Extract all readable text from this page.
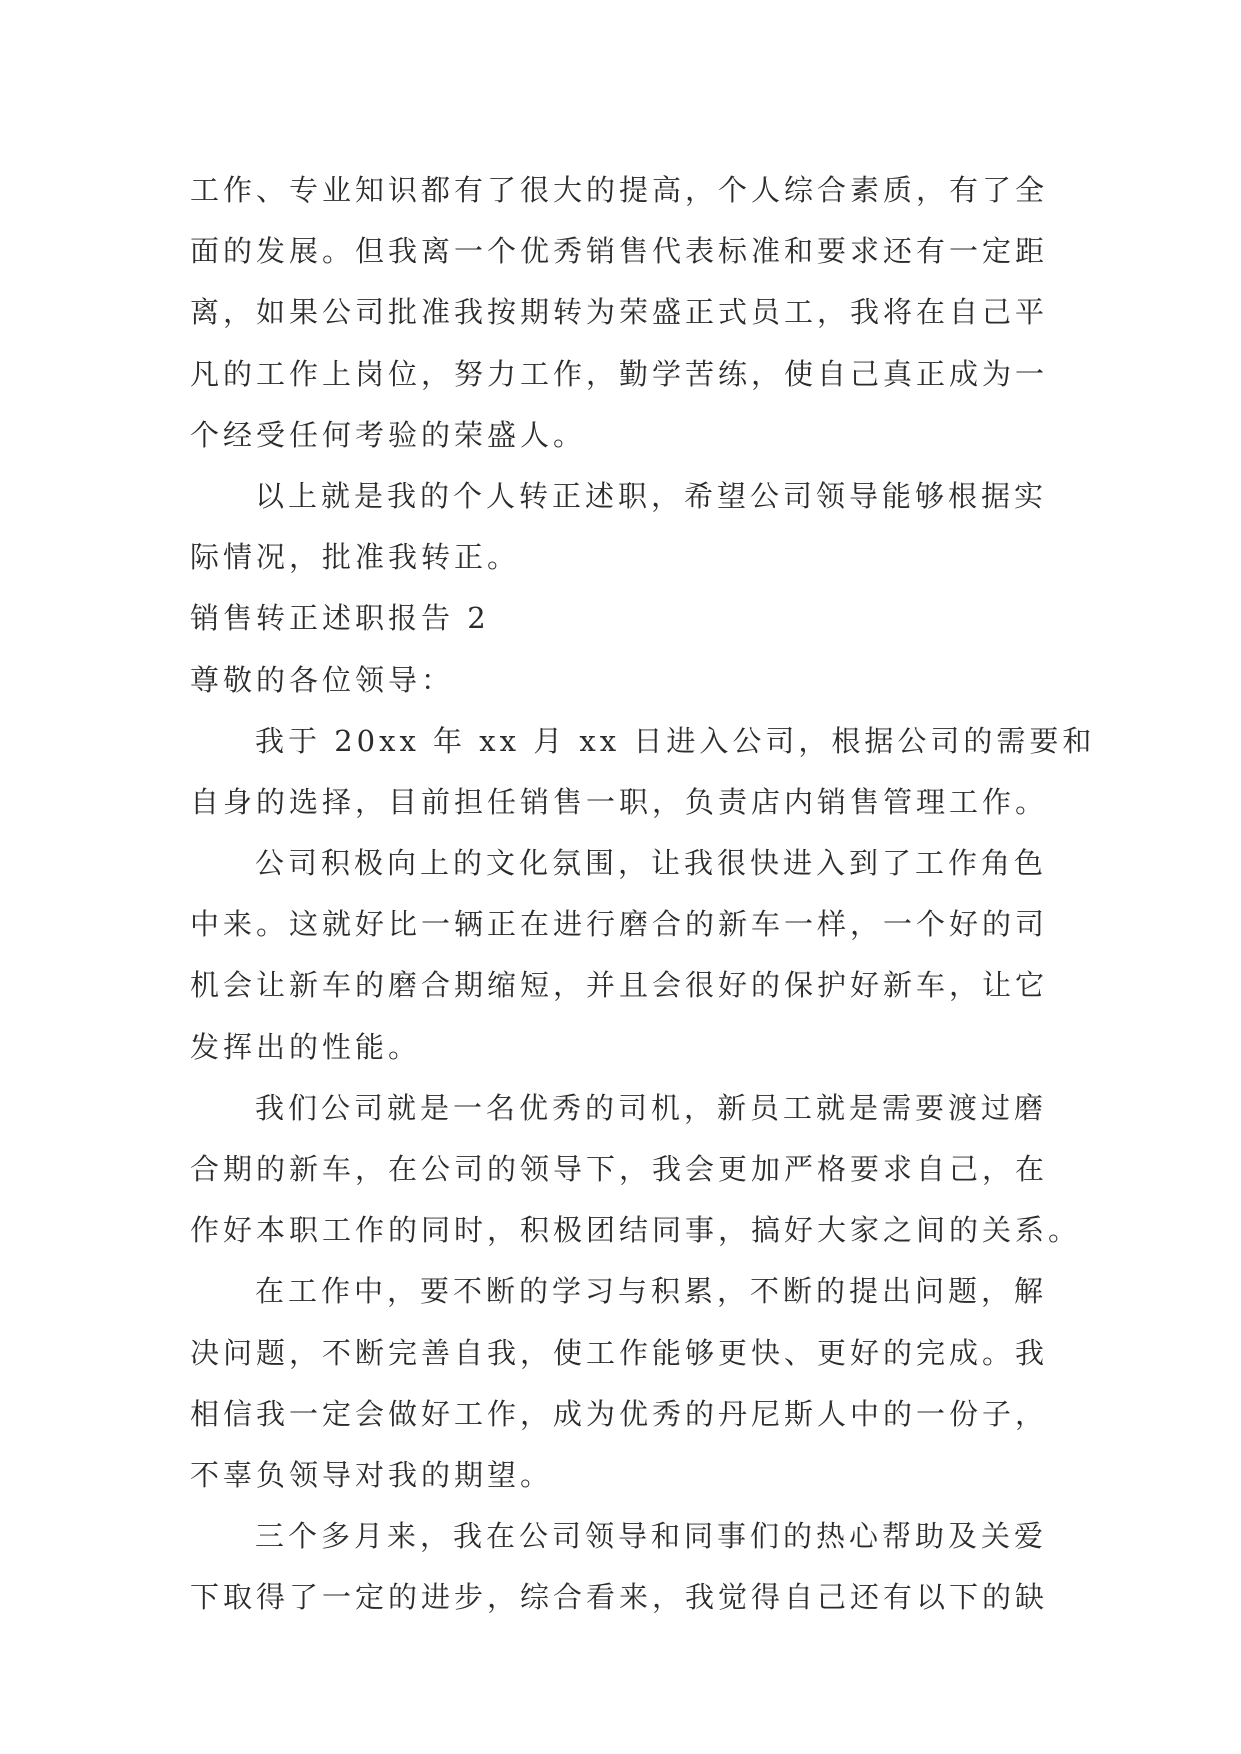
工作、专业知识都有了很大的提高，个人综合素质，有了全
面的发展。但我离一个优秀销售代表标准和要求还有一定距
离，如果公司批准我按期转为荣盛正式员工，我将在自己平
凡的工作上岗位，努力工作，勤学苦练，使自己真正成为一
个经受任何考验的荣盛人。
以上就是我的个人转正述职，希望公司领导能够根据实
际情况，批准我转正。
销售转正述职报告 2
尊敬的各位领导：
我于 20xx 年 xx 月 xx 日进入公司，根据公司的需要和
自身的选择，目前担任销售一职，负责店内销售管理工作。
公司积极向上的文化氛围，让我很快进入到了工作角色
中来。这就好比一辆正在进行磨合的新车一样，一个好的司
机会让新车的磨合期缩短，并且会很好的保护好新车，让它
发挥出的性能。
我们公司就是一名优秀的司机，新员工就是需要渡过磨
合期的新车，在公司的领导下，我会更加严格要求自己，在
作好本职工作的同时，积极团结同事，搞好大家之间的关系。
在工作中，要不断的学习与积累，不断的提出问题，解
决问题，不断完善自我，使工作能够更快、更好的完成。我
相信我一定会做好工作，成为优秀的丹尼斯人中的一份子，
不辜负领导对我的期望。
三个多月来，我在公司领导和同事们的热心帮助及关爱
下取得了一定的进步，综合看来，我觉得自己还有以下的缺
